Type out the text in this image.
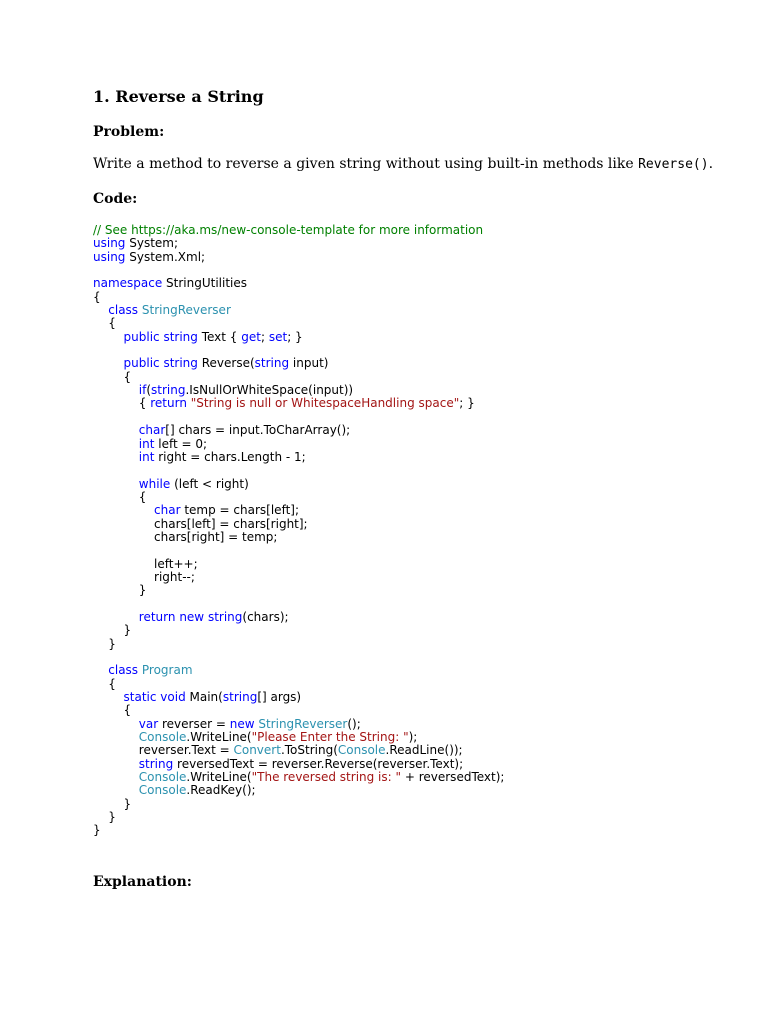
1. Reverse a String
Problem:
Write a method to reverse a given string without using built-in methods like Reverse().
Code:
// See https://aka.ms/new-console-template for more information
using System;
using System.Xml;
namespace StringUtilities
{
class StringReverser
{
public string Text { get; set; }
public string Reverse(string input)
{
if(string.IsNullOrWhiteSpace(input))
{ return "String is null or WhitespaceHandling space"; }
char[] chars = input.ToCharArray();
int left = 0;
int right = chars.Length - 1;
while (left < right)
{
char temp = chars[left];
chars[left] = chars[right];
chars[right] = temp;
left++;
right--;
}
return new string(chars);
}
}
class Program
{
static void Main(string[] args)
{
var reverser = new StringReverser();
Console.WriteLine("Please Enter the String: ");
reverser.Text = Convert.ToString(Console.ReadLine());
string reversedText = reverser.Reverse(reverser.Text);
Console.WriteLine("The reversed string is: " + reversedText);
Console.ReadKey();
}
}
}
Explanation:
